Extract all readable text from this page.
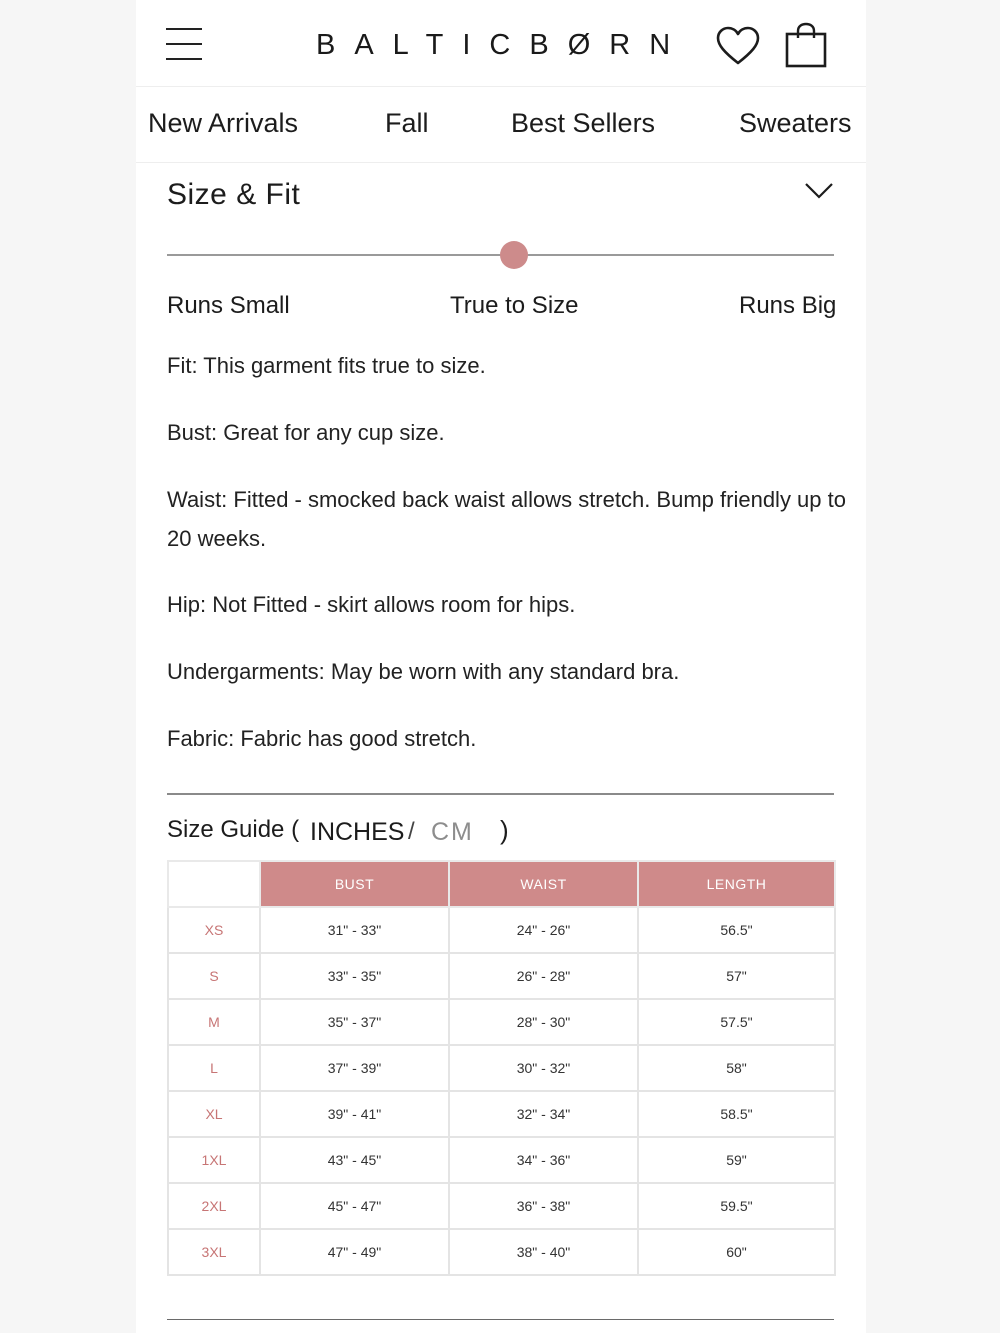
BALTICBØRN
New Arrivals	Fall	Best Sellers	Sweaters
Size & Fit
Runs Small	True to Size	Runs Big
Fit: This garment fits true to size.
Bust: Great for any cup size.
Waist: Fitted - smocked back waist allows stretch. Bump friendly up to 20 weeks.
Hip: Not Fitted - skirt allows room for hips.
Undergarments: May be worn with any standard bra.
Fabric: Fabric has good stretch.
Size Guide ( INCHES / CM )
	BUST	WAIST	LENGTH
XS	31" - 33"	24" - 26"	56.5"
S	33" - 35"	26" - 28"	57"
M	35" - 37"	28" - 30"	57.5"
L	37" - 39"	30" - 32"	58"
XL	39" - 41"	32" - 34"	58.5"
1XL	43" - 45"	34" - 36"	59"
2XL	45" - 47"	36" - 38"	59.5"
3XL	47" - 49"	38" - 40"	60"
